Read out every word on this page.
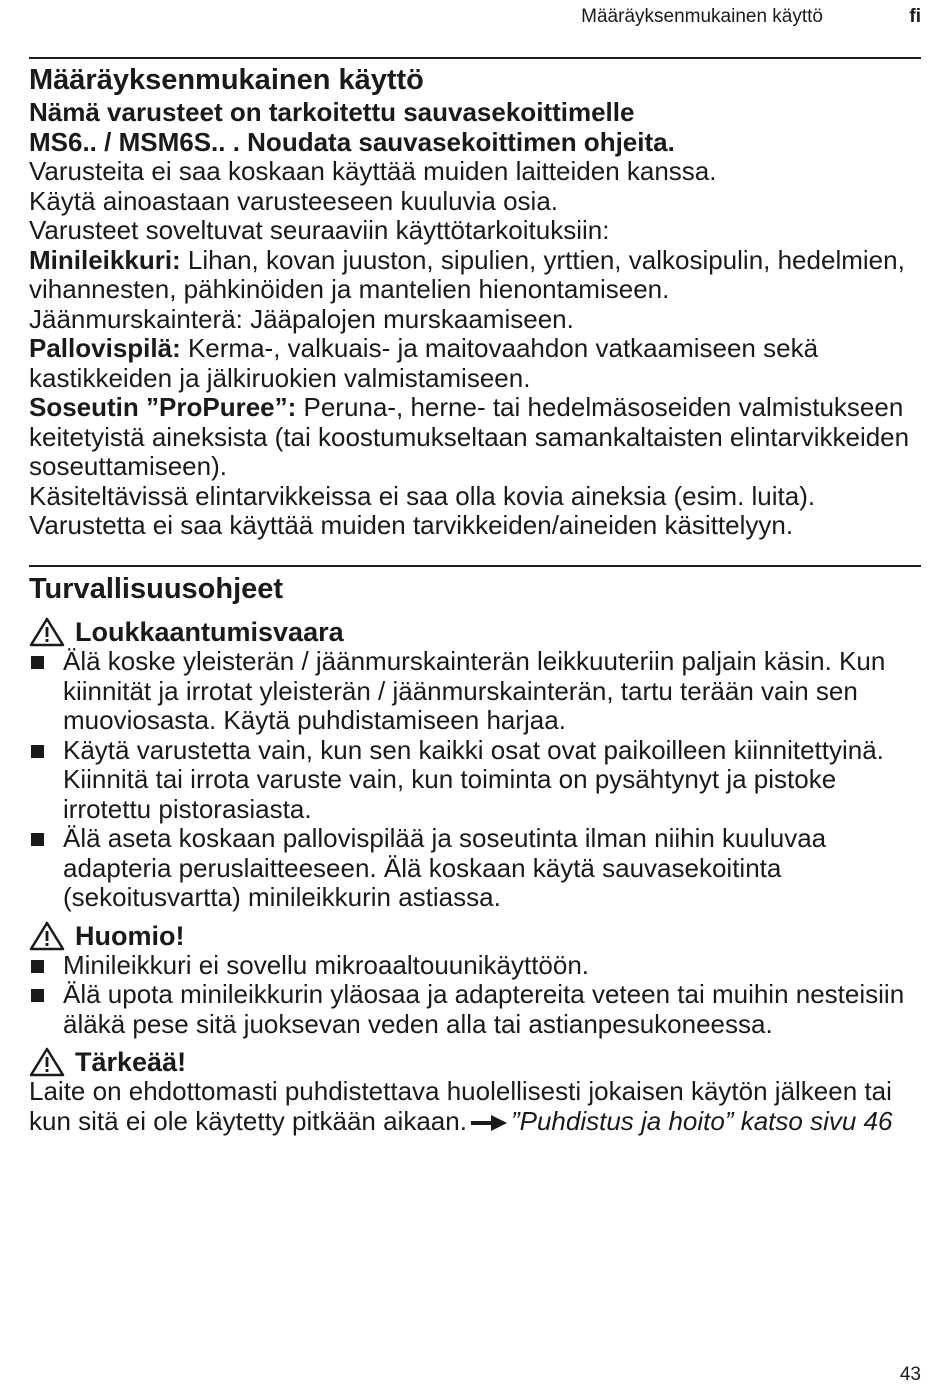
Määräyksenmukainen käyttö	fi
Määräyksenmukainen käyttö

Nämä varusteet on tarkoitettu sauvasekoittimelle

MS6.. / MSM6S.. . Noudata sauvasekoittimen ohjeita.

Varusteita ei saa koskaan käyttää muiden laitteiden kanssa.

Käytä ainoastaan varusteeseen kuuluvia osia.

Varusteet soveltuvat seuraaviin käyttötarkoituksiin:

Minileikkuri: Lihan, kovan juuston, sipulien, yrttien, valkosipulin, hedelmien, vihannesten, pähkinöiden ja mantelien hienontamiseen.

Jäänmurskainterä: Jääpalojen murskaamiseen.

Pallovispilä: Kerma-, valkuais- ja maitovaahdon vatkaamiseen sekä kastikkeiden ja jälkiruokien valmistamiseen.

Soseutin ”ProPuree”: Peruna-, herne- tai hedelmäsoseiden valmistukseen keitetyistä aineksista (tai koostumukseltaan samankaltaisten elintarvikkeiden soseuttamiseen).

Käsiteltävissä elintarvikkeissa ei saa olla kovia aineksia (esim. luita).

Varustetta ei saa käyttää muiden tarvikkeiden/aineiden käsittelyyn.

Turvallisuusohjeet
Loukkaantumisvaara
Älä koske yleisterän / jäänmurskainterän leikkuuteriin paljain käsin. Kun kiinnität ja irrotat yleisterän / jäänmurskainterän, tartu terään vain sen muoviosasta. Käytä puhdistamiseen harjaa.
Käytä varustetta vain, kun sen kaikki osat ovat paikoilleen kiinnitettyinä. Kiinnitä tai irrota varuste vain, kun toiminta on pysähtynyt ja pistoke irrotettu pistorasiasta.
Älä aseta koskaan pallovispilää ja soseutinta ilman niihin kuuluvaa adapteria peruslaitteeseen. Älä koskaan käytä sauvasekoitinta (sekoitusvartta) minileikkurin astiassa.
Huomio!
Minileikkuri ei sovellu mikroaaltouunikäyttöön.
Älä upota minileikkurin yläosaa ja adaptereita veteen tai muihin nesteisiin äläkä pese sitä juoksevan veden alla tai astianpesukoneessa.
Tärkeää!

Laite on ehdottomasti puhdistettava huolellisesti jokaisen käytön jälkeen tai kun sitä ei ole käytetty pitkään aikaan. ”Puhdistus ja hoito” katso sivu 46

43
